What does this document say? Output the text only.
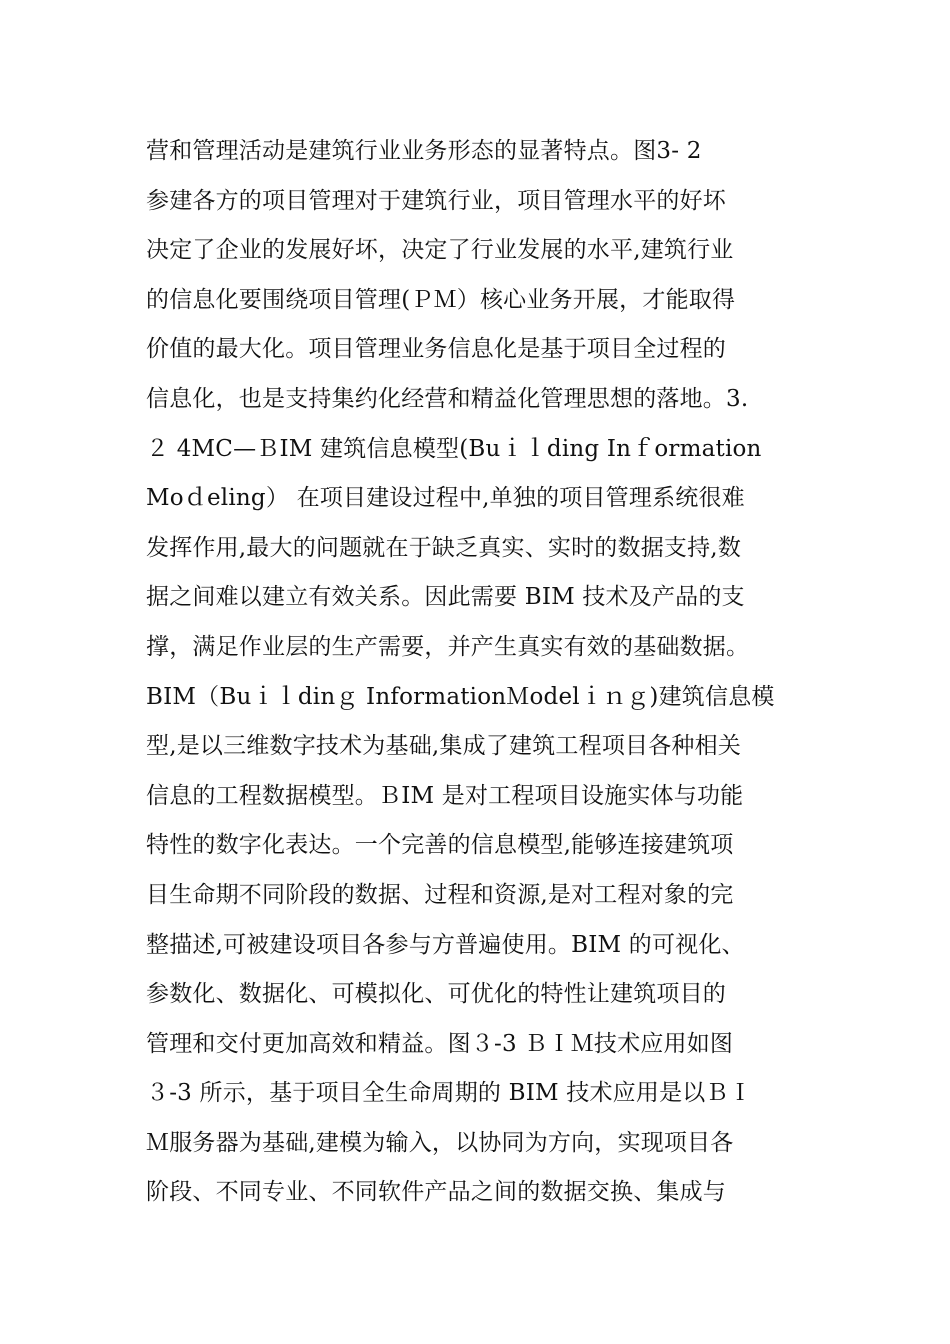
营和管理活动是建筑行业业务形态的显著特点。图3- 2
参建各方的项目管理对于建筑行业，项目管理水平的好坏
决定了企业的发展好坏，决定了行业发展的水平,建筑行业
的信息化要围绕项目管理(ＰＭ）核心业务开展，才能取得
价值的最大化。项目管理业务信息化是基于项目全过程的
信息化，也是支持集约化经营和精益化管理思想的落地。3.
２ 4MC—ＢIM 建筑信息模型(Buｉｌding Inｆormation
Moｄeling） 在项目建设过程中,单独的项目管理系统很难
发挥作用,最大的问题就在于缺乏真实、实时的数据支持,数
据之间难以建立有效关系。因此需要 BIM 技术及产品的支
撑，满足作业层的生产需要，并产生真实有效的基础数据。
BIM（Buｉｌdinｇ InformationＭodelｉｎｇ)建筑信息模
型,是以三维数字技术为基础,集成了建筑工程项目各种相关
信息的工程数据模型。ＢIM 是对工程项目设施实体与功能
特性的数字化表达。一个完善的信息模型,能够连接建筑项
目生命期不同阶段的数据、过程和资源,是对工程对象的完
整描述,可被建设项目各参与方普遍使用。BIM 的可视化、
参数化、数据化、可模拟化、可优化的特性让建筑项目的
管理和交付更加高效和精益。图３-3 ＢＩＭ技术应用如图
３-3 所示，基于项目全生命周期的 BIM 技术应用是以ＢＩ
Ｍ服务器为基础,建模为输入，以协同为方向，实现项目各
阶段、不同专业、不同软件产品之间的数据交换、集成与
